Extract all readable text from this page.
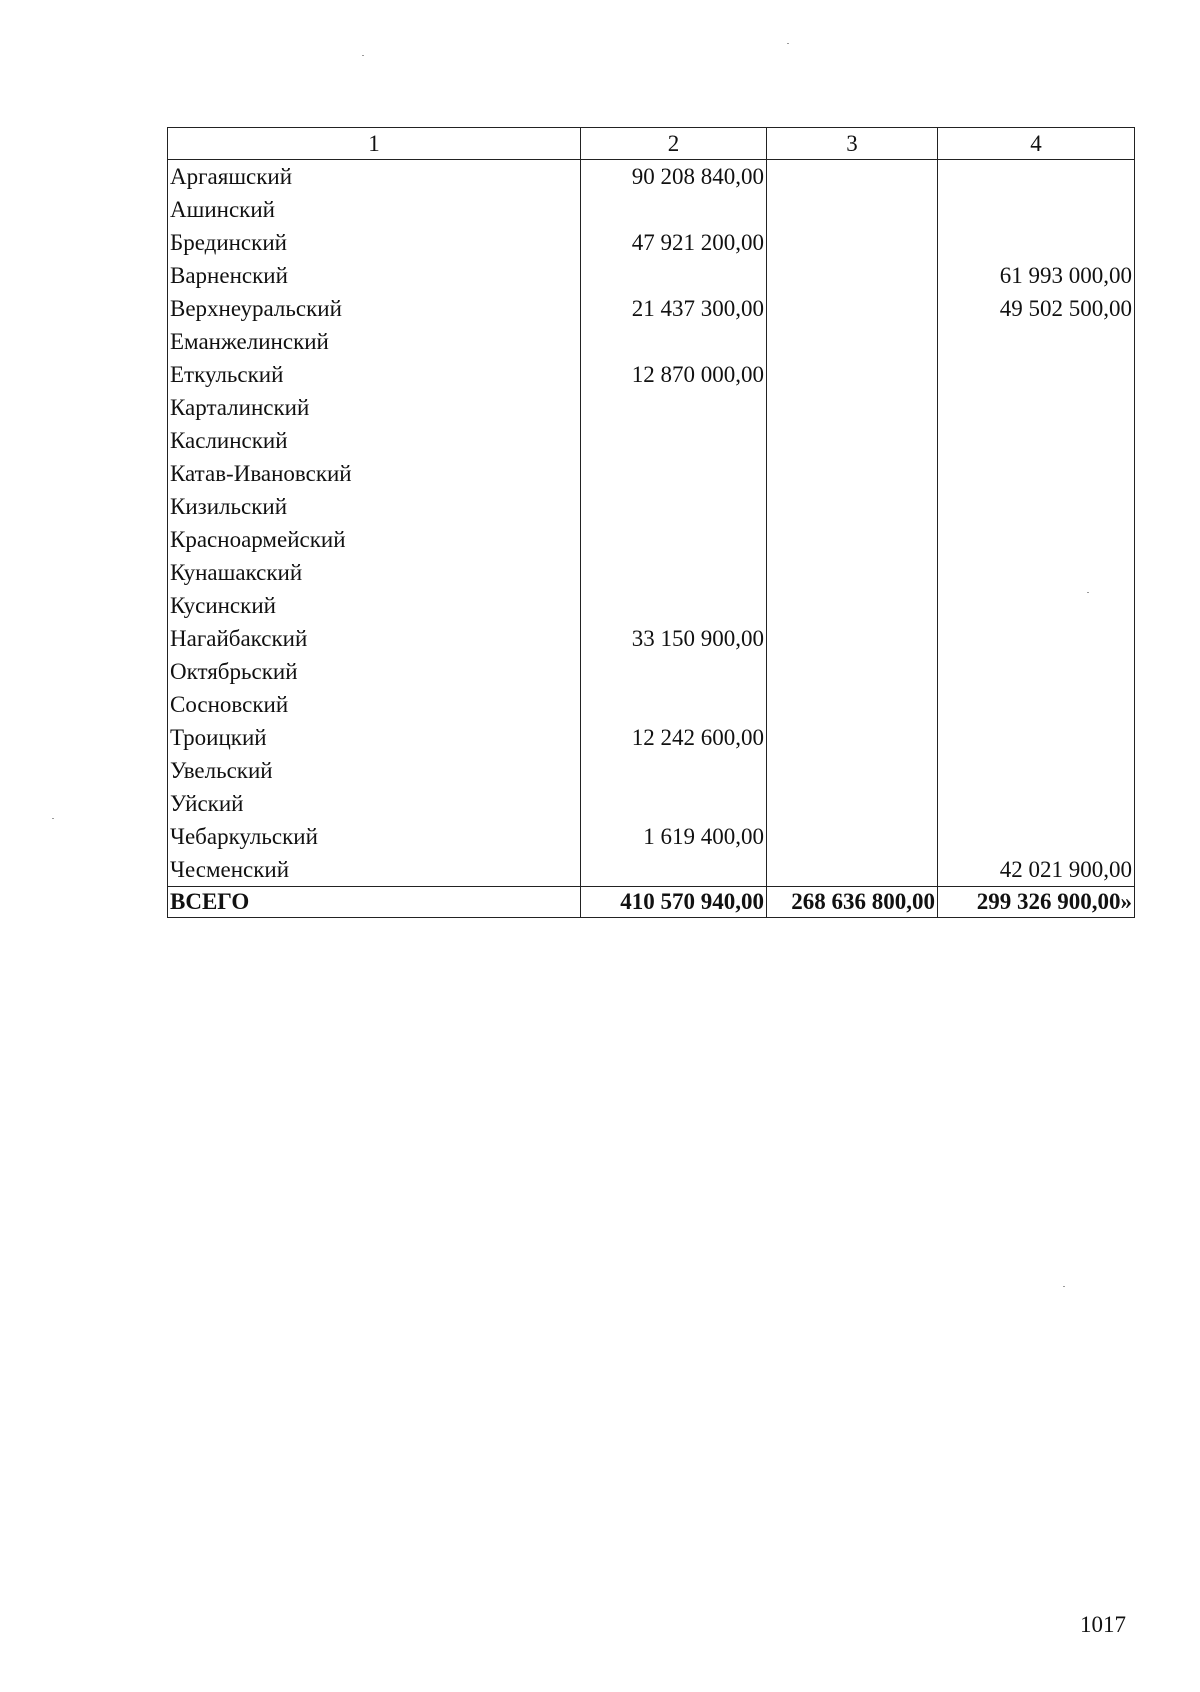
1	2	3	4
Аргаяшский	90 208 840,00		
Ашинский			
Брединский	47 921 200,00		
Варненский			61 993 000,00
Верхнеуральский	21 437 300,00		49 502 500,00
Еманжелинский			
Еткульский	12 870 000,00		
Карталинский			
Каслинский			
Катав-Ивановский			
Кизильский			
Красноармейский			
Кунашакский			
Кусинский			
Нагайбакский	33 150 900,00		
Октябрьский			
Сосновский			
Троицкий	12 242 600,00		
Увельский			
Уйский			
Чебаркульский	1 619 400,00		
Чесменский			42 021 900,00
ВСЕГО	410 570 940,00	268 636 800,00	299 326 900,00»
1017
